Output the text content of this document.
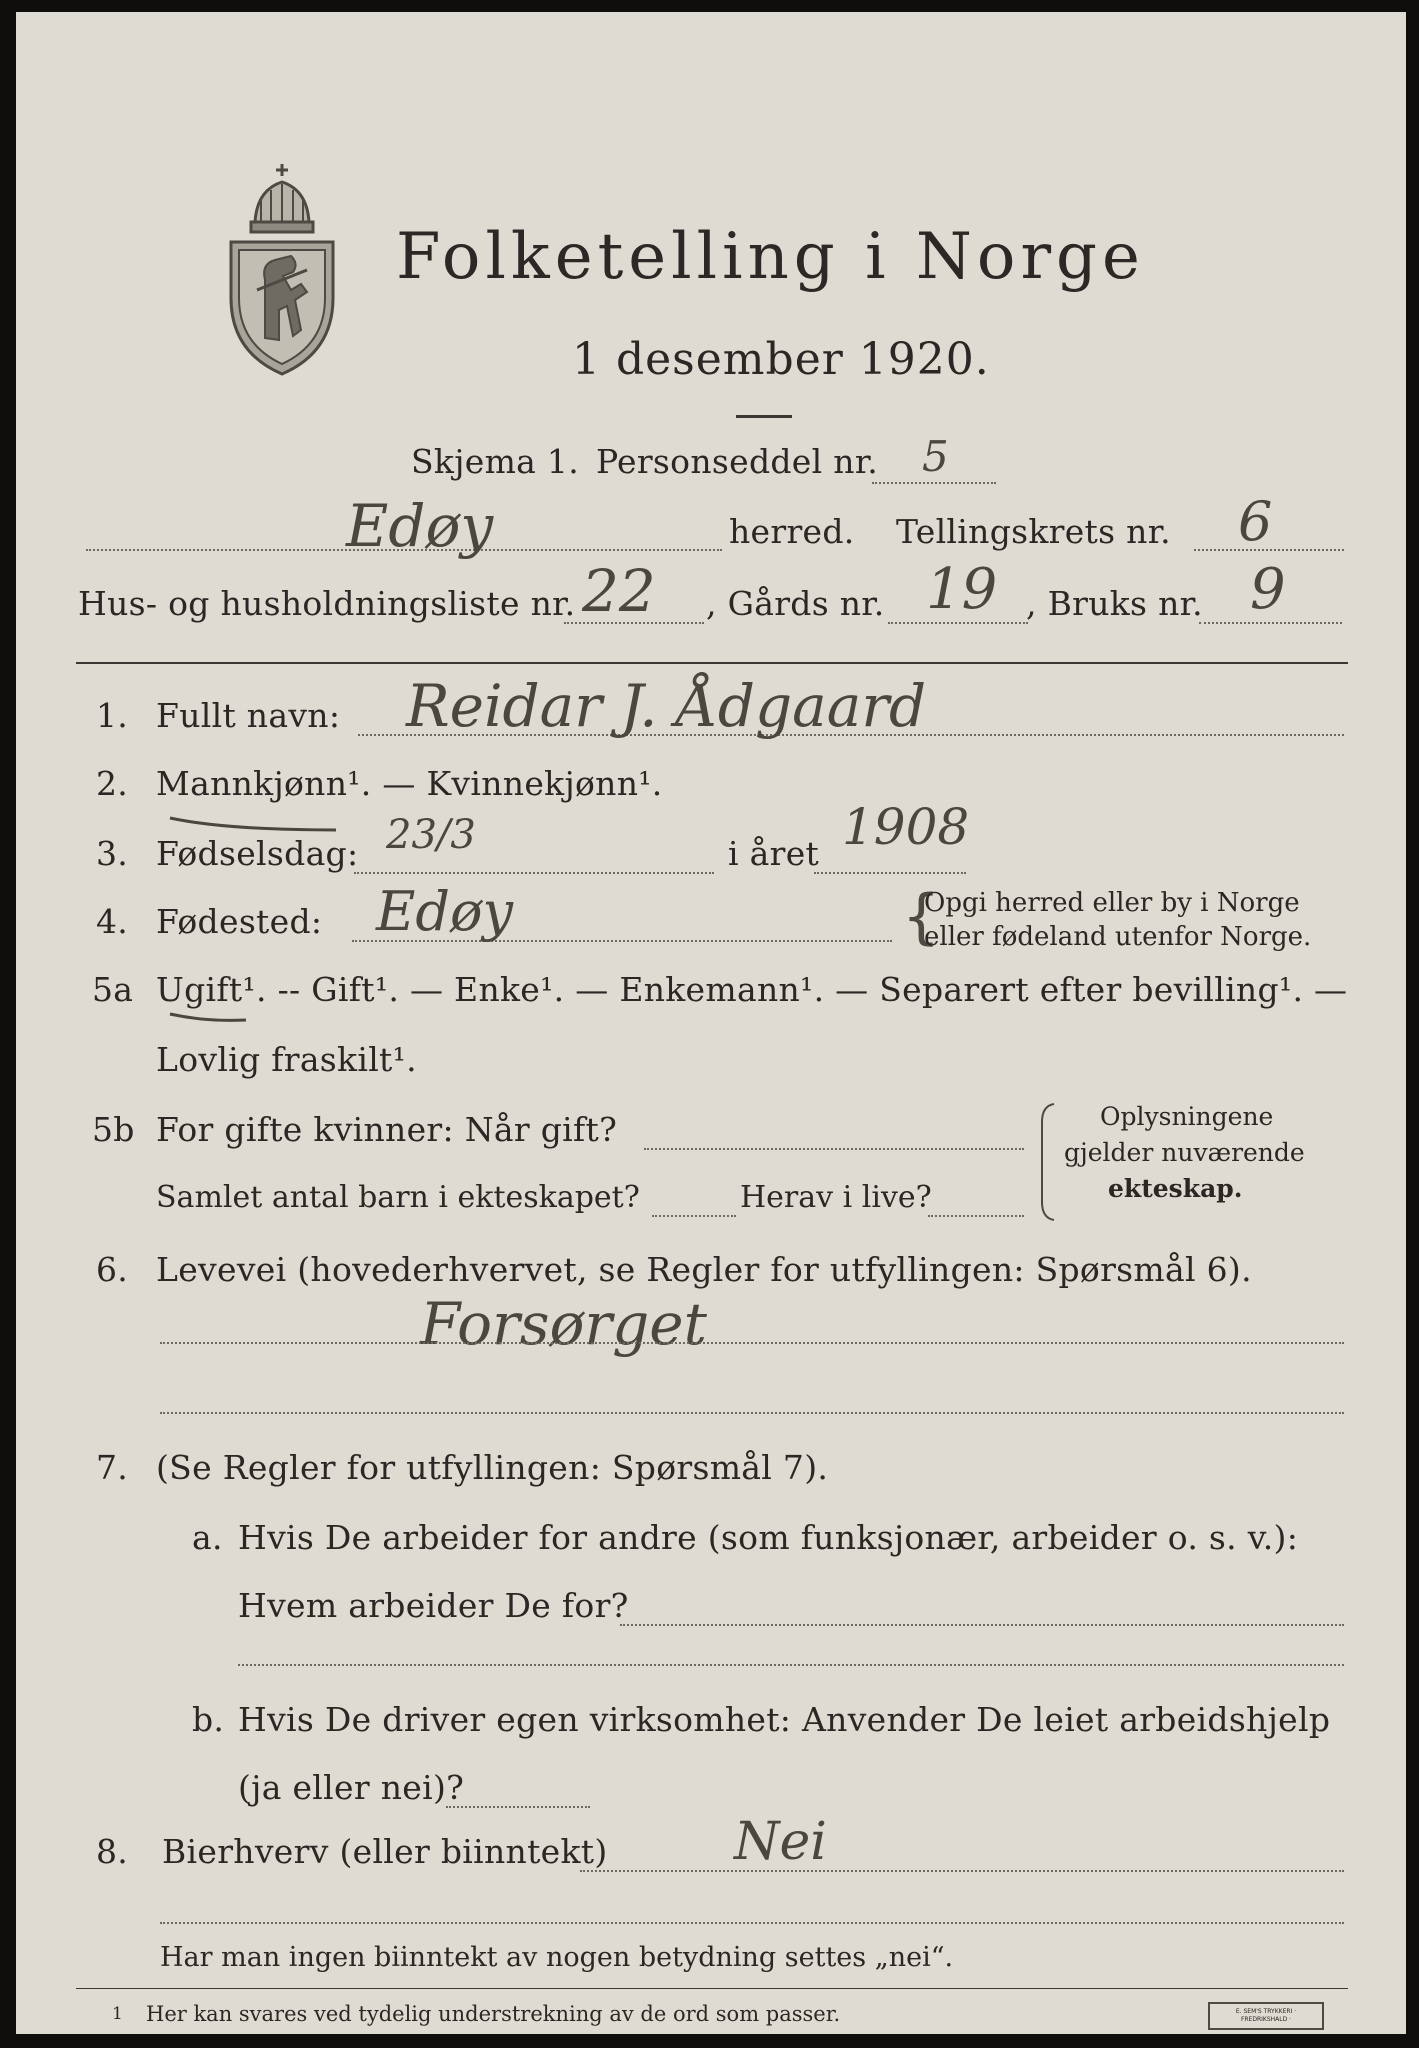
Folketelling i Norge
1 desember 1920.
Skjema 1. Personseddel nr. 5
Edøy	herred. Tellingskrets nr. 6
Hus- og husholdningsliste nr. 22 , Gårds nr. 19 , Bruks nr. 9
1. Fullt navn: Reidar J. Ådgaard
2. Mannkjønn¹. — Kvinnekjønn¹.
3. Fødselsdag: 23/3	i året 1908
4. Fødested: Edøy	{
Opgi herred eller by i Norge
eller fødeland utenfor Norge.
5a Ugift¹. -- Gift¹. — Enke¹. — Enkemann¹. — Separert efter bevilling¹. —
Lovlig fraskilt¹.
5b For gifte kvinner: Når gift?
Samlet antal barn i ekteskapet?	Herav i live?
Oplysningene
gjelder nuværende
ekteskap.
6. Levevei (hovederhvervet, se Regler for utfyllingen: Spørsmål 6).
Forsørget
7. (Se Regler for utfyllingen: Spørsmål 7).
a. Hvis De arbeider for andre (som funksjonær, arbeider o. s. v.):
Hvem arbeider De for?
b. Hvis De driver egen virksomhet: Anvender De leiet arbeidshjelp
(ja eller nei)?
8. Bierhverv (eller biinntekt) Nei
Har man ingen biinntekt av nogen betydning settes „nei“.
1 Her kan svares ved tydelig understrekning av de ord som passer.	E. SEM'S TRYKKERI · FREDRIKSHALD ·
